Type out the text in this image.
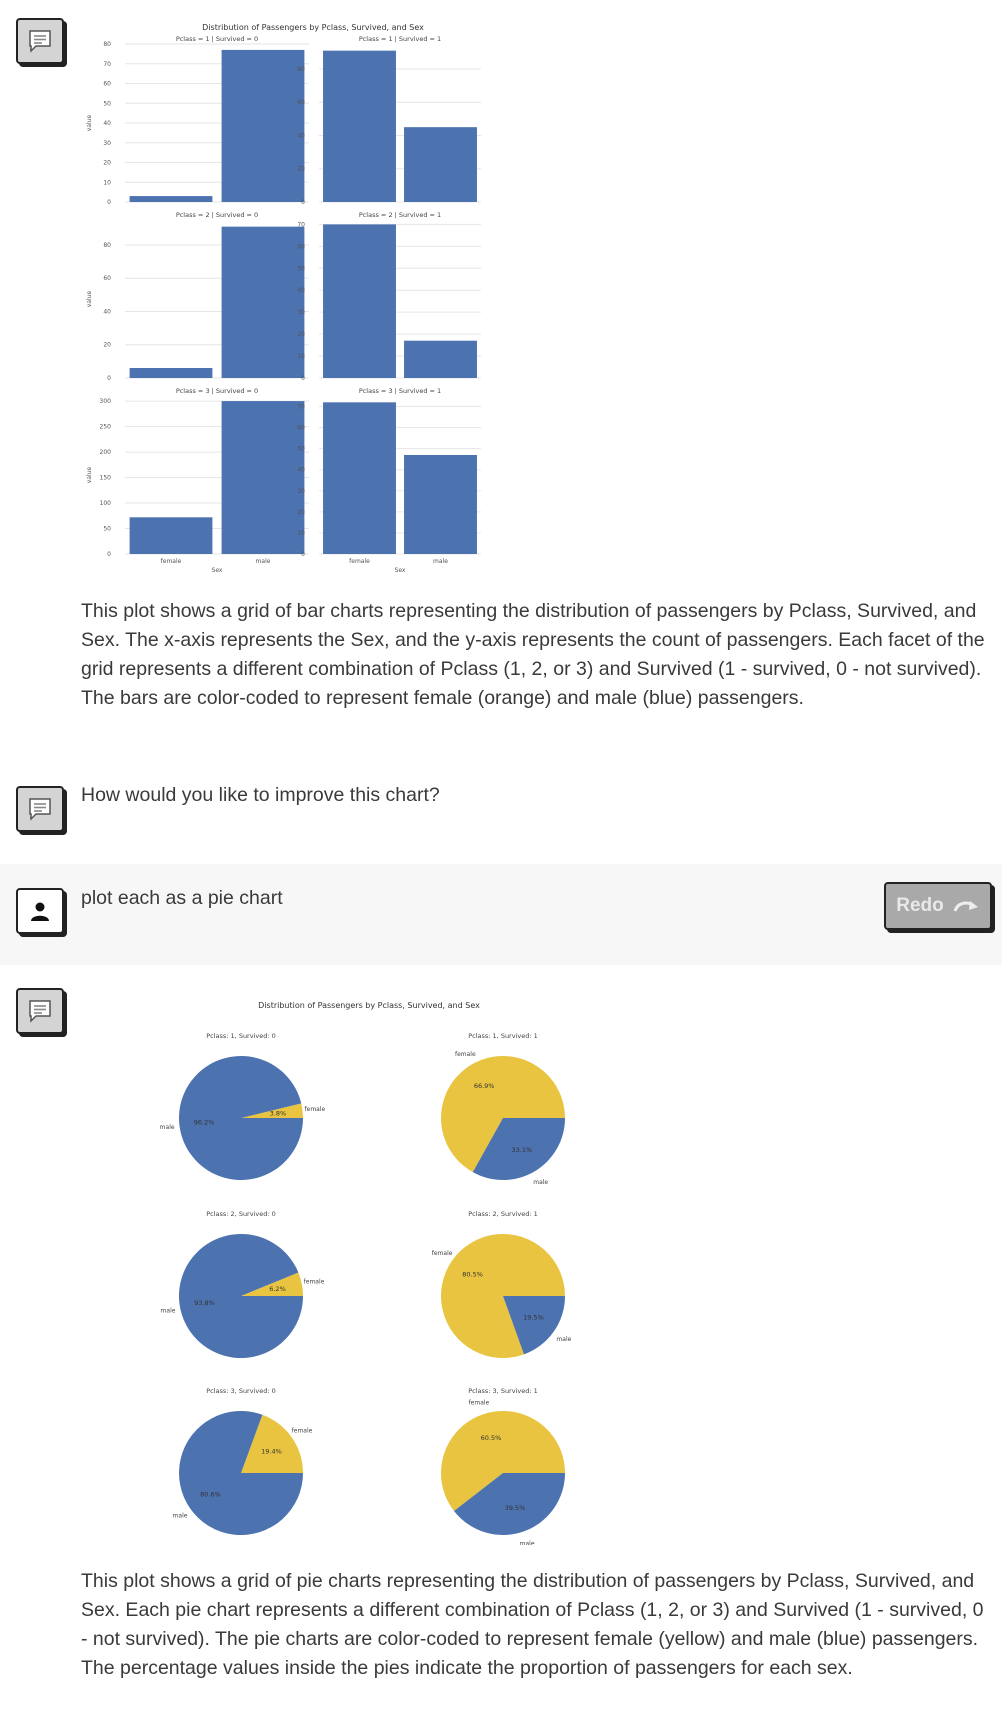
Distribution of Passengers by Pclass, Survived, and Sex
Pclass = 1 | Survived = 0
0
10
20
30
40
50
60
70
80
value
Pclass = 1 | Survived = 1
0
20
40
60
80
Pclass = 2 | Survived = 0
0
20
40
60
80
value
Pclass = 2 | Survived = 1
0
10
20
30
40
50
60
70
Pclass = 3 | Survived = 0
0
50
100
150
200
250
300
female	male
Sex
value
Pclass = 3 | Survived = 1
0
10
20
30
40
50
60
70
female	male
Sex

This plot shows a grid of bar charts representing the distribution of passengers by Pclass, Survived, and Sex. The x-axis represents the Sex, and the y-axis represents the count of passengers. Each facet of the grid represents a different combination of Pclass (1, 2, or 3) and Survived (1 - survived, 0 - not survived). The bars are color-coded to represent female (orange) and male (blue) passengers.

How would you like to improve this chart?

plot each as a pie chart	Redo
Distribution of Passengers by Pclass, Survived, and Sex
Pclass: 1, Survived: 0
3.8%	female
96.2%
male
Pclass: 1, Survived: 1
66.9%
female
33.1%
male
Pclass: 2, Survived: 0
6.2%
female
93.8%
male
Pclass: 2, Survived: 1
80.5%
female
19.5%
male
Pclass: 3, Survived: 0
19.4%
female
80.6%
male
Pclass: 3, Survived: 1
60.5%
female
39.5%
male

This plot shows a grid of pie charts representing the distribution of passengers by Pclass, Survived, and Sex. Each pie chart represents a different combination of Pclass (1, 2, or 3) and Survived (1 - survived, 0 - not survived). The pie charts are color-coded to represent female (yellow) and male (blue) passengers. The percentage values inside the pies indicate the proportion of passengers for each sex.
